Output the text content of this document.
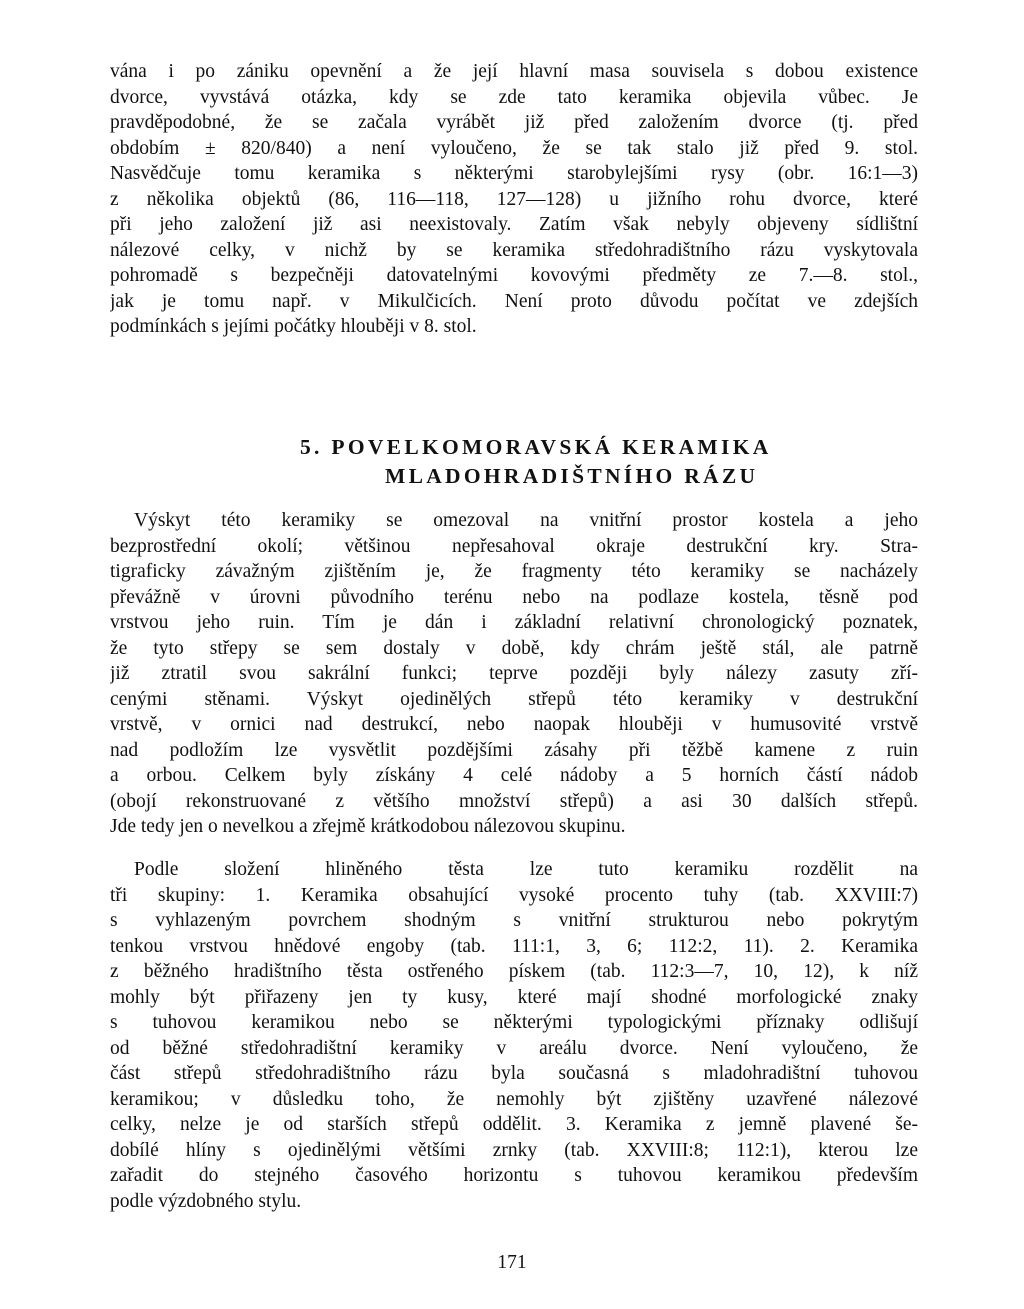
vána i po zániku opevnění a že její hlavní masa souvisela s dobou existence
dvorce, vyvstává otázka, kdy se zde tato keramika objevila vůbec. Je
pravděpodobné, že se začala vyrábět již před založením dvorce (tj. před
obdobím ± 820/840) a není vyloučeno, že se tak stalo již před 9. stol.
Nasvědčuje tomu keramika s některými starobylejšími rysy (obr. 16:1—3)
z několika objektů (86, 116—118, 127—128) u jižního rohu dvorce, které
při jeho založení již asi neexistovaly. Zatím však nebyly objeveny sídlištní
nálezové celky, v nichž by se keramika středohradištního rázu vyskytovala
pohromadě s bezpečněji datovatelnými kovovými předměty ze 7.—8. stol.,
jak je tomu např. v Mikulčicích. Není proto důvodu počítat ve zdejších
podmínkách s jejími počátky hlouběji v 8. stol.
5. POVELKOMORAVSKÁ KERAMIKA
MLADOHRADIŠTNÍHO RÁZU
Výskyt této keramiky se omezoval na vnitřní prostor kostela a jeho
bezprostřední okolí; většinou nepřesahoval okraje destrukční kry. Stra-
tigraficky závažným zjištěním je, že fragmenty této keramiky se nacházely
převážně v úrovni původního terénu nebo na podlaze kostela, těsně pod
vrstvou jeho ruin. Tím je dán i základní relativní chronologický poznatek,
že tyto střepy se sem dostaly v době, kdy chrám ještě stál, ale patrně
již ztratil svou sakrální funkci; teprve později byly nálezy zasuty zří-
cenými stěnami. Výskyt ojedinělých střepů této keramiky v destrukční
vrstvě, v ornici nad destrukcí, nebo naopak hlouběji v humusovité vrstvě
nad podložím lze vysvětlit pozdějšími zásahy při těžbě kamene z ruin
a orbou. Celkem byly získány 4 celé nádoby a 5 horních částí nádob
(obojí rekonstruované z většího množství střepů) a asi 30 dalších střepů.
Jde tedy jen o nevelkou a zřejmě krátkodobou nálezovou skupinu.
Podle složení hliněného těsta lze tuto keramiku rozdělit na
tři skupiny: 1. Keramika obsahující vysoké procento tuhy (tab. XXVIII:7)
s vyhlazeným povrchem shodným s vnitřní strukturou nebo pokrytým
tenkou vrstvou hnědové engoby (tab. 111:1, 3, 6; 112:2, 11). 2. Keramika
z běžného hradištního těsta ostřeného pískem (tab. 112:3—7, 10, 12), k níž
mohly být přiřazeny jen ty kusy, které mají shodné morfologické znaky
s tuhovou keramikou nebo se některými typologickými příznaky odlišují
od běžné středohradištní keramiky v areálu dvorce. Není vyloučeno, že
část střepů středohradištního rázu byla současná s mladohradištní tuhovou
keramikou; v důsledku toho, že nemohly být zjištěny uzavřené nálezové
celky, nelze je od starších střepů oddělit. 3. Keramika z jemně plavené še-
dobílé hlíny s ojedinělými většími zrnky (tab. XXVIII:8; 112:1), kterou lze
zařadit do stejného časového horizontu s tuhovou keramikou především
podle výzdobného stylu.

171
